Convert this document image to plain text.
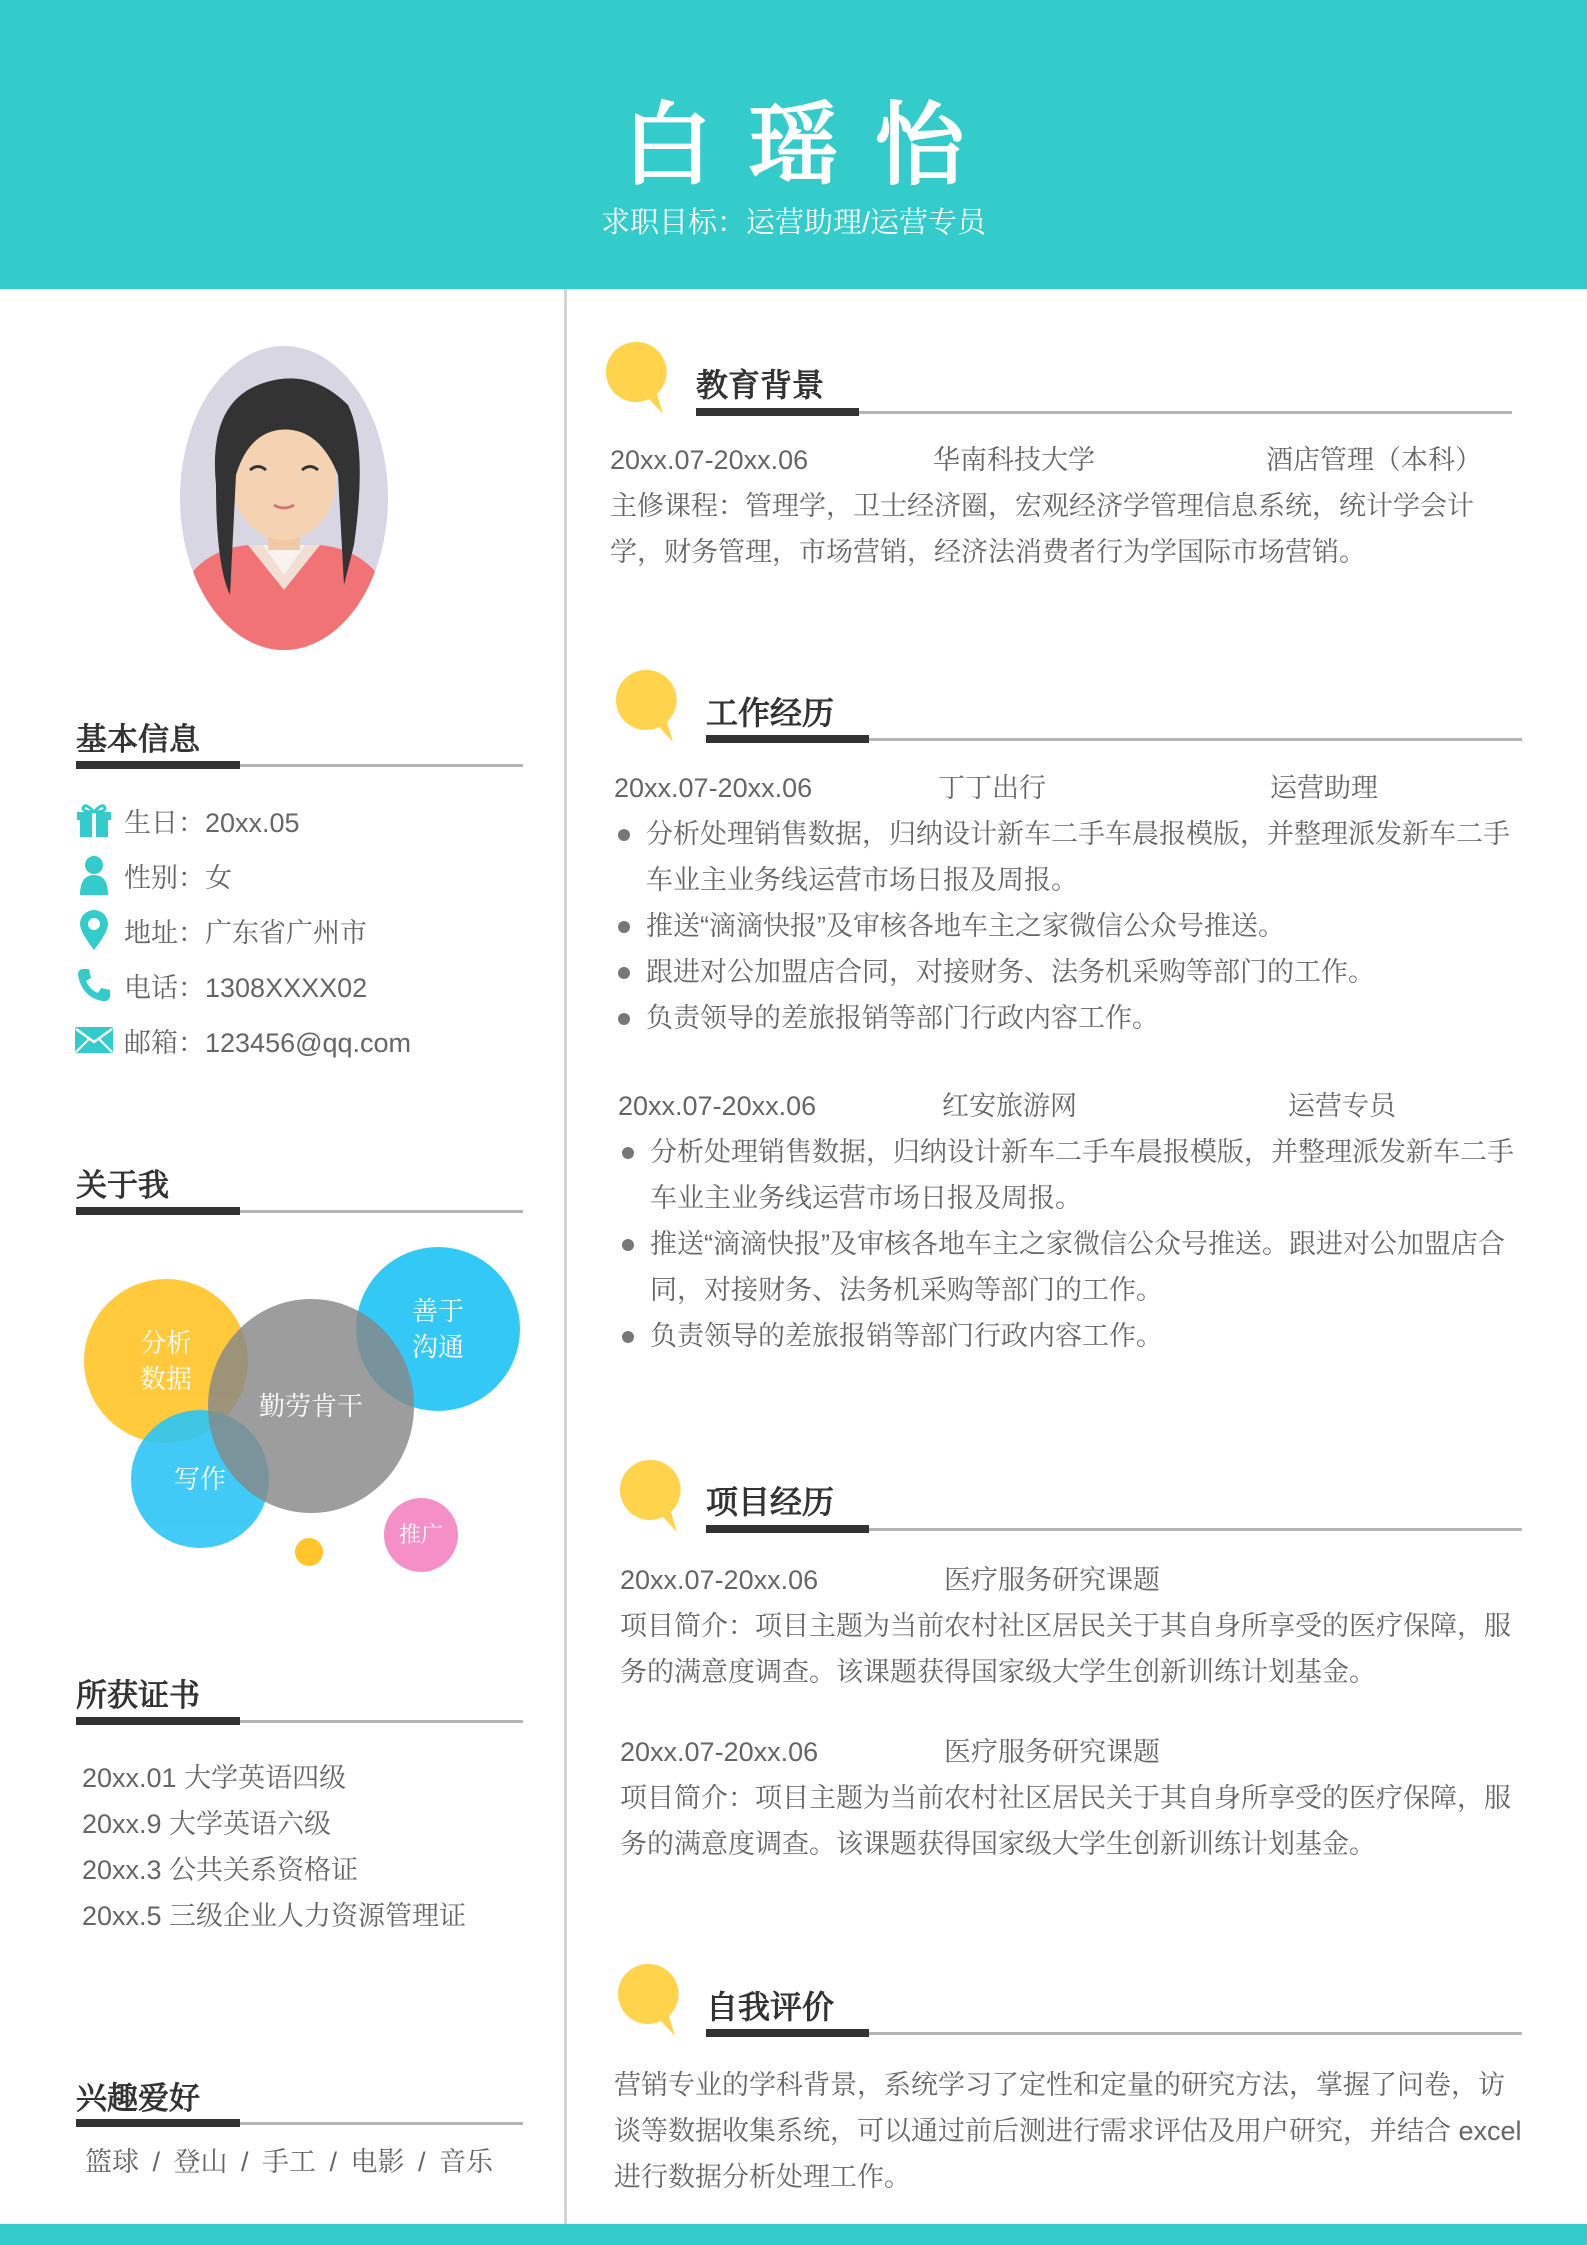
白瑶怡
求职目标：运营助理/运营专员
基本信息
生日：20xx.05
性别：女
地址：广东省广州市
电话：1308XXXX02
邮箱：123456@qq.com
关于我
分析
数据
善于
沟通
写作
勤劳肯干
推广
所获证书
20xx.01 大学英语四级
20xx.9 大学英语六级
20xx.3 公共关系资格证
20xx.5 三级企业人力资源管理证
兴趣爱好
篮球 / 登山 / 手工 / 电影 / 音乐
教育背景
20xx.07-20xx.06	华南科技大学	酒店管理（本科）
主修课程：管理学，卫士经济圈，宏观经济学管理信息系统，统计学会计学，财务管理，市场营销，经济法消费者行为学国际市场营销。
工作经历
20xx.07-20xx.06	丁丁出行	运营助理
分析处理销售数据，归纳设计新车二手车晨报模版，并整理派发新车二手车业主业务线运营市场日报及周报。
推送“滴滴快报”及审核各地车主之家微信公众号推送。
跟进对公加盟店合同，对接财务、法务机采购等部门的工作。
负责领导的差旅报销等部门行政内容工作。
20xx.07-20xx.06	红安旅游网	运营专员
分析处理销售数据，归纳设计新车二手车晨报模版，并整理派发新车二手车业主业务线运营市场日报及周报。
推送“滴滴快报”及审核各地车主之家微信公众号推送。跟进对公加盟店合同，对接财务、法务机采购等部门的工作。
负责领导的差旅报销等部门行政内容工作。
项目经历
20xx.07-20xx.06	医疗服务研究课题
项目简介：项目主题为当前农村社区居民关于其自身所享受的医疗保障，服务的满意度调查。该课题获得国家级大学生创新训练计划基金。
20xx.07-20xx.06	医疗服务研究课题
项目简介：项目主题为当前农村社区居民关于其自身所享受的医疗保障，服务的满意度调查。该课题获得国家级大学生创新训练计划基金。
自我评价
营销专业的学科背景，系统学习了定性和定量的研究方法，掌握了问卷，访谈等数据收集系统，可以通过前后测进行需求评估及用户研究，并结合 excel 进行数据分析处理工作。
